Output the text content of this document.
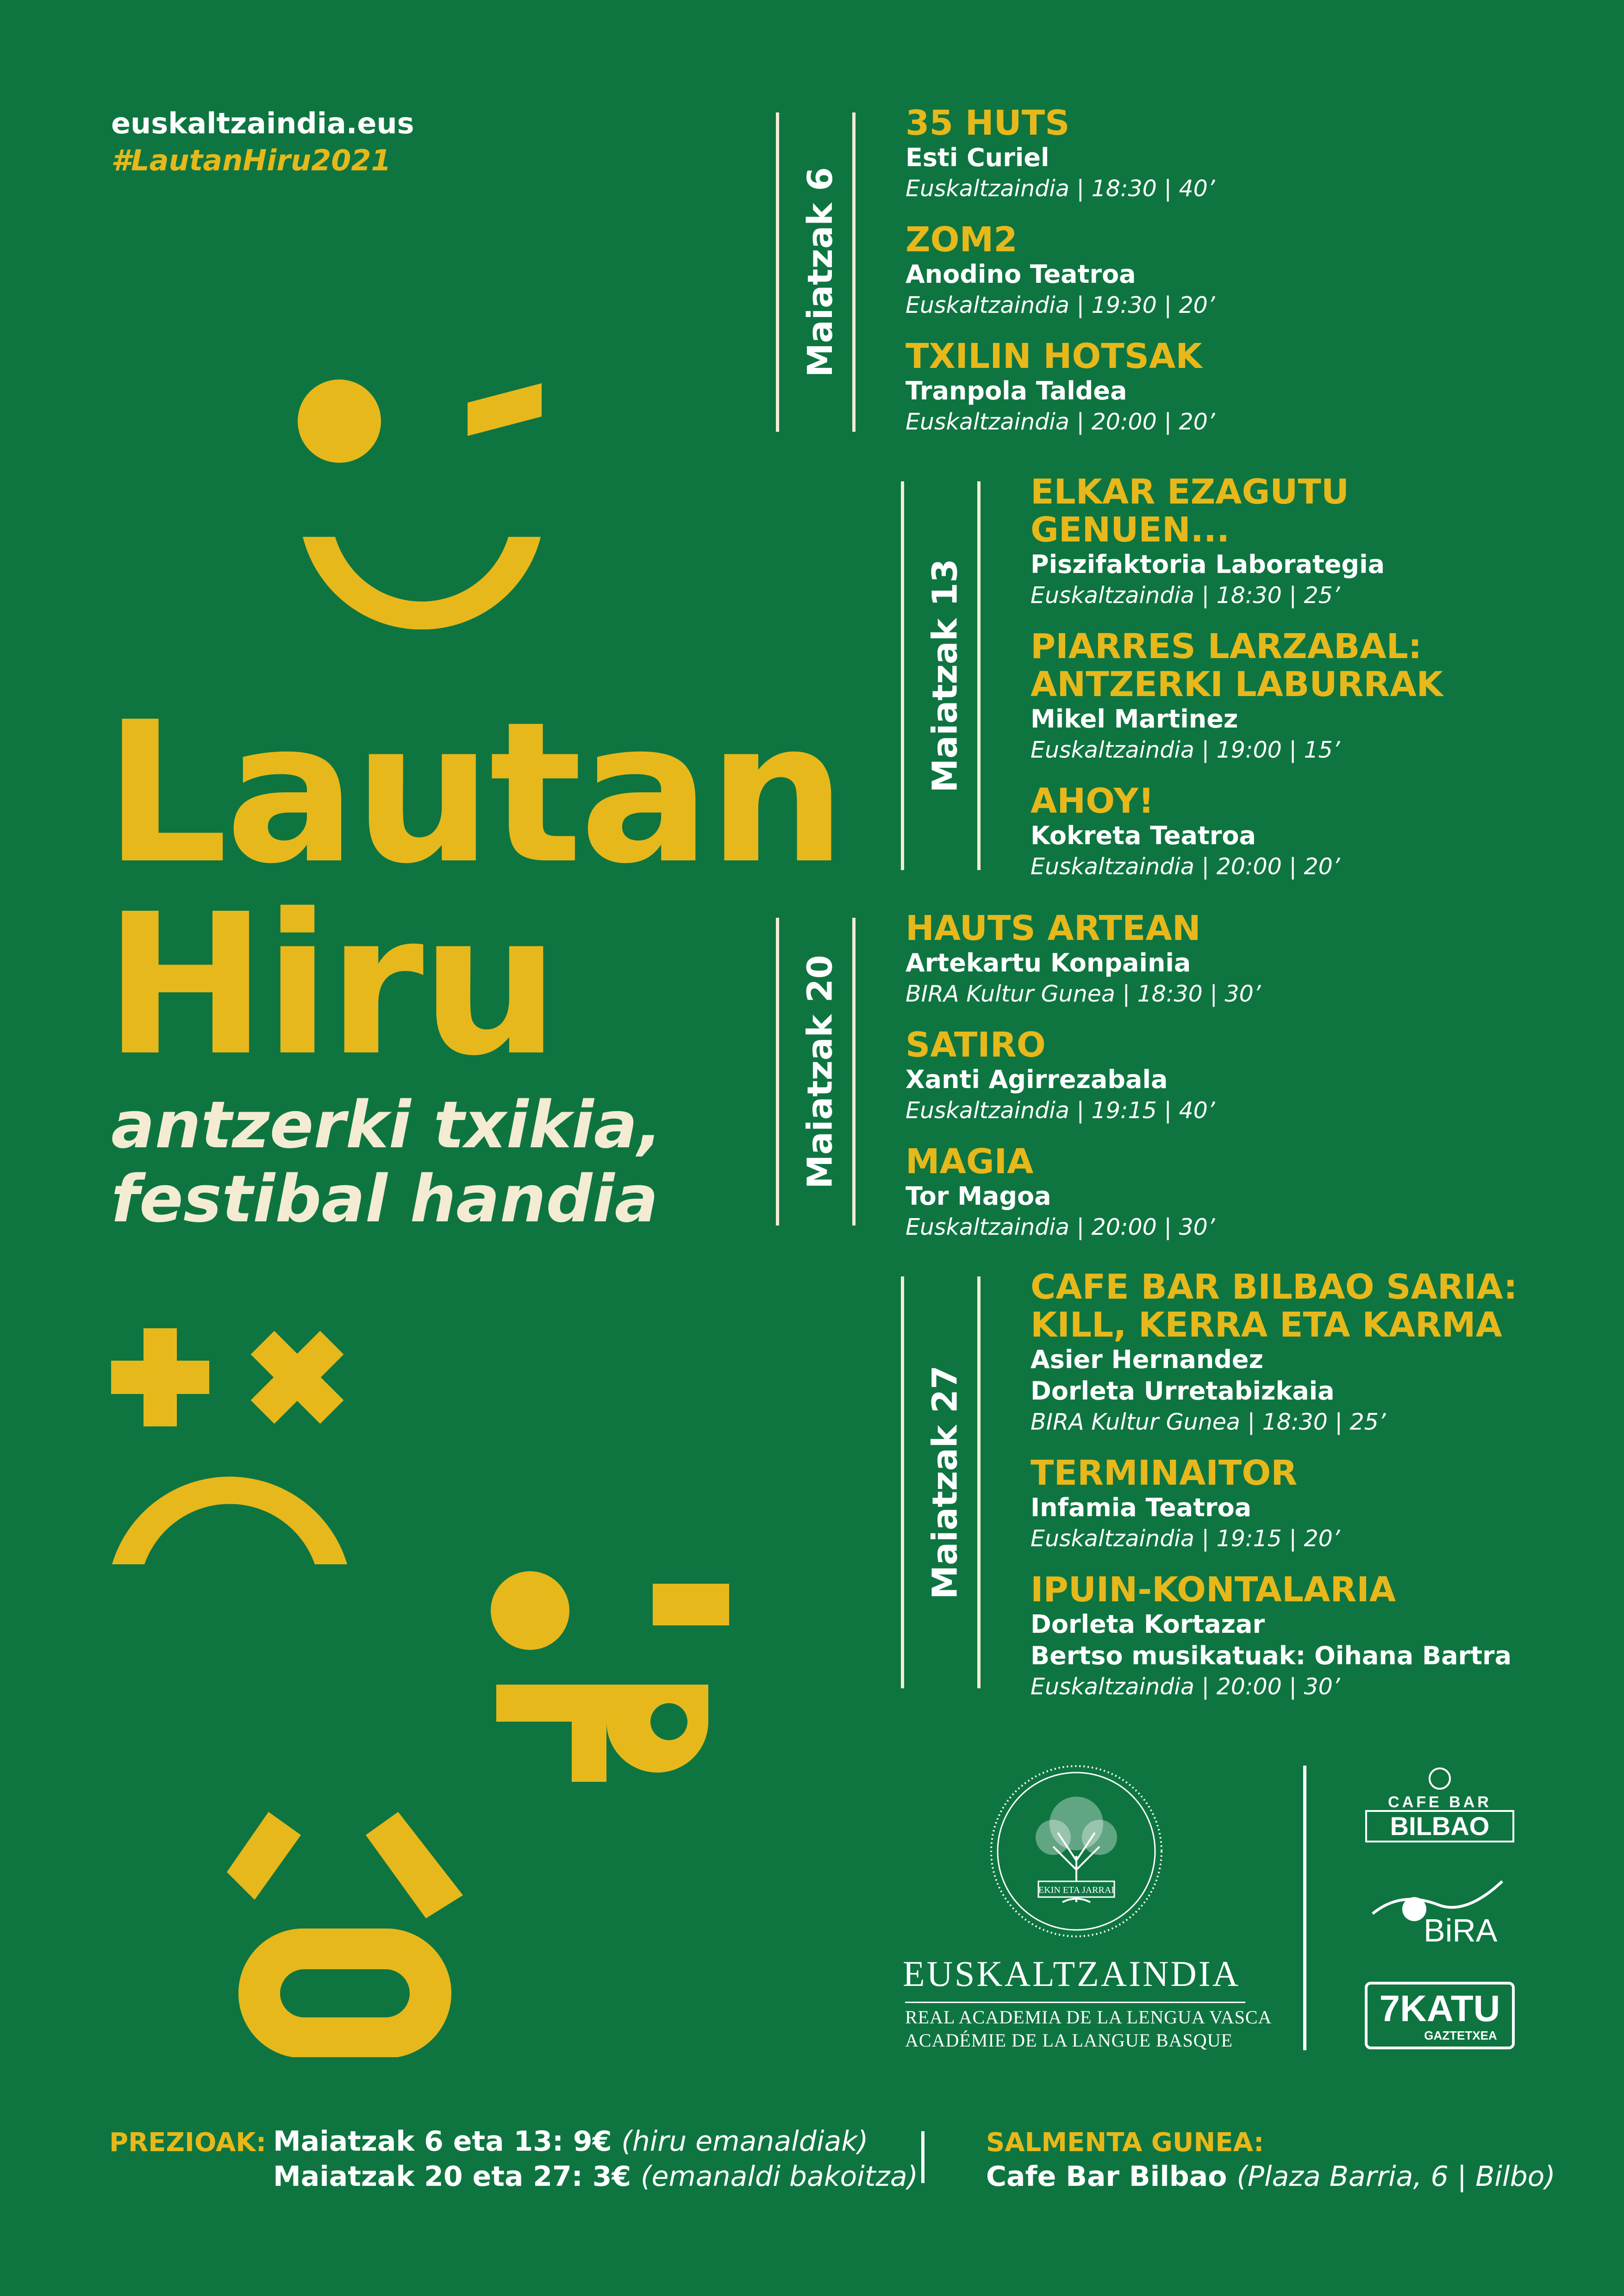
euskaltzaindia.eus
#LautanHiru2021
Lautan
Hiru
antzerki txikia,
festibal handia
Maiatzak 6
35 HUTS
Esti Curiel
Euskaltzaindia | 18:30 | 40’
ZOM2
Anodino Teatroa
Euskaltzaindia | 19:30 | 20’
TXILIN HOTSAK
Tranpola Taldea
Euskaltzaindia | 20:00 | 20’
Maiatzak 13
ELKAR EZAGUTU
GENUEN...
Piszifaktoria Laborategia
Euskaltzaindia | 18:30 | 25’
PIARRES LARZABAL:
ANTZERKI LABURRAK
Mikel Martinez
Euskaltzaindia | 19:00 | 15’
AHOY!
Kokreta Teatroa
Euskaltzaindia | 20:00 | 20’
Maiatzak 20
HAUTS ARTEAN
Artekartu Konpainia
BIRA Kultur Gunea | 18:30 | 30’
SATIRO
Xanti Agirrezabala
Euskaltzaindia | 19:15 | 40’
MAGIA
Tor Magoa
Euskaltzaindia | 20:00 | 30’
Maiatzak 27
CAFE BAR BILBAO SARIA:
KILL, KERRA ETA KARMA
Asier Hernandez
Dorleta Urretabizkaia
BIRA Kultur Gunea | 18:30 | 25’
TERMINAITOR
Infamia Teatroa
Euskaltzaindia | 19:15 | 20’
IPUIN-KONTALARIA
Dorleta Kortazar
Bertso musikatuak: Oihana Bartra
Euskaltzaindia | 20:00 | 30’
EKIN ETA JARRAI
EUSKALTZAINDIA
REAL ACADEMIA DE LA LENGUA VASCA
ACADÉMIE DE LA LANGUE BASQUE
CAFE BAR
BILBAO
BiRA
7KATU
GAZTETXEA
PREZIOAK: Maiatzak 6 eta 13: 9€ (hiru emanaldiak)
Maiatzak 20 eta 27: 3€ (emanaldi bakoitza)
SALMENTA GUNEA:
Cafe Bar Bilbao (Plaza Barria, 6 | Bilbo)
